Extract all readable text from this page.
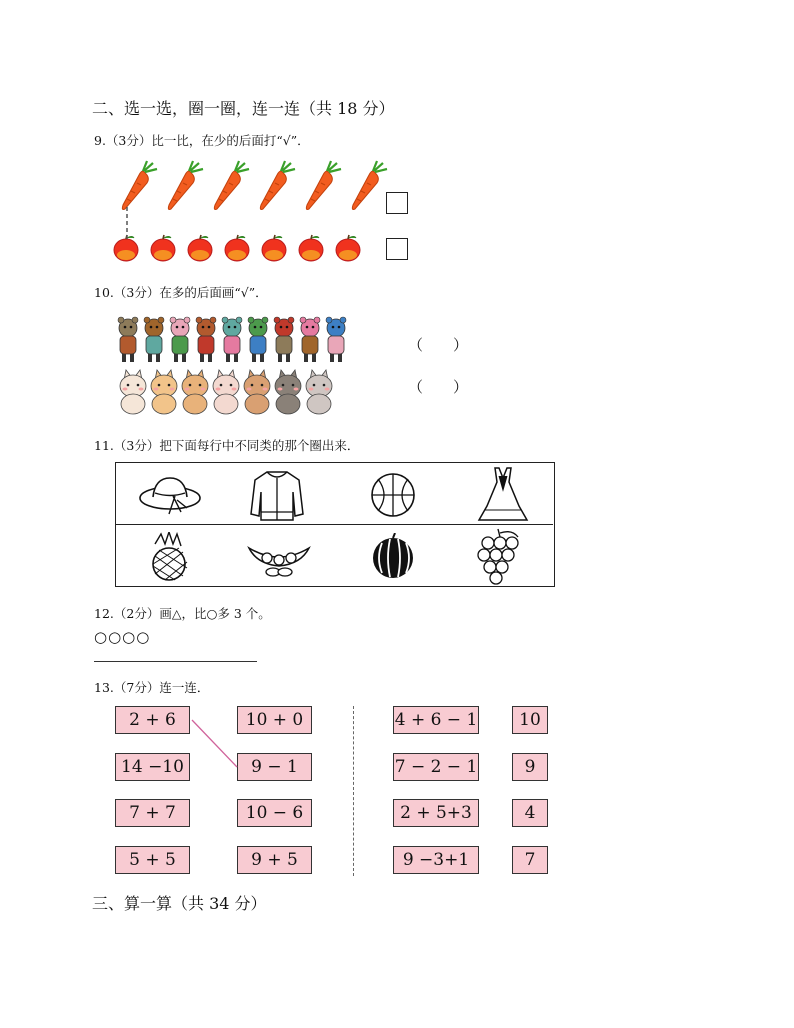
二、选一选，圈一圈，连一连（共 18 分）
9.（3分）比一比，在少的后面打“√”．
10.（3分）在多的后面画“√”．
（　　）
（　　）
11.（3分）把下面每行中不同类的那个圈出来．
12.（2分）画△，比○多 3 个。
○○○○
13.（7分）连一连．
2 + 6
14 −10
7 + 7
5 + 5
10 + 0
9 − 1
10 − 6
9 + 5
4 + 6 − 1
7 − 2 − 1
2 + 5+3
9 −3+1
10
9
4
7
三、算一算（共 34 分）
